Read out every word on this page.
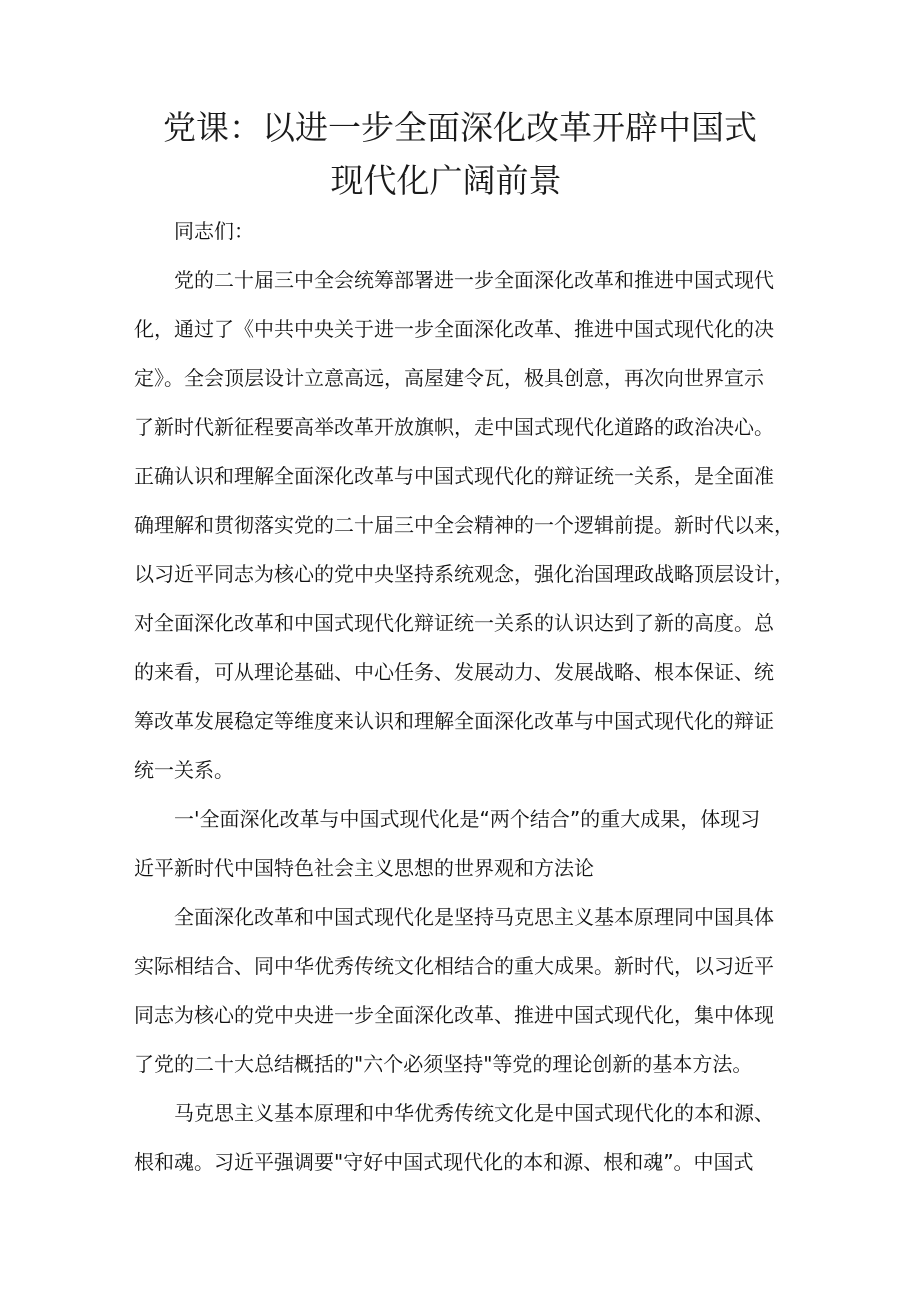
党课：以进一步全面深化改革开辟中国式
现代化广阔前景
同志们：
党的二十届三中全会统筹部署进一步全面深化改革和推进中国式现代
化，通过了《中共中央关于进一步全面深化改革、推进中国式现代化的决
定》。全会顶层设计立意高远，高屋建令瓦，极具创意，再次向世界宣示
了新时代新征程要高举改革开放旗帜，走中国式现代化道路的政治决心。
正确认识和理解全面深化改革与中国式现代化的辩证统一关系，是全面准
确理解和贯彻落实党的二十届三中全会精神的一个逻辑前提。新时代以来，
以习近平同志为核心的党中央坚持系统观念，强化治国理政战略顶层设计，
对全面深化改革和中国式现代化辩证统一关系的认识达到了新的高度。总
的来看，可从理论基础、中心任务、发展动力、发展战略、根本保证、统
筹改革发展稳定等维度来认识和理解全面深化改革与中国式现代化的辩证
统一关系。
一'全面深化改革与中国式现代化是“两个结合”的重大成果，体现习
近平新时代中国特色社会主义思想的世界观和方法论
全面深化改革和中国式现代化是坚持马克思主义基本原理同中国具体
实际相结合、同中华优秀传统文化相结合的重大成果。新时代，以习近平
同志为核心的党中央进一步全面深化改革、推进中国式现代化，集中体现
了党的二十大总结概括的"六个必须坚持"等党的理论创新的基本方法。
马克思主义基本原理和中华优秀传统文化是中国式现代化的本和源、
根和魂。习近平强调要"守好中国式现代化的本和源、根和魂”。中国式
